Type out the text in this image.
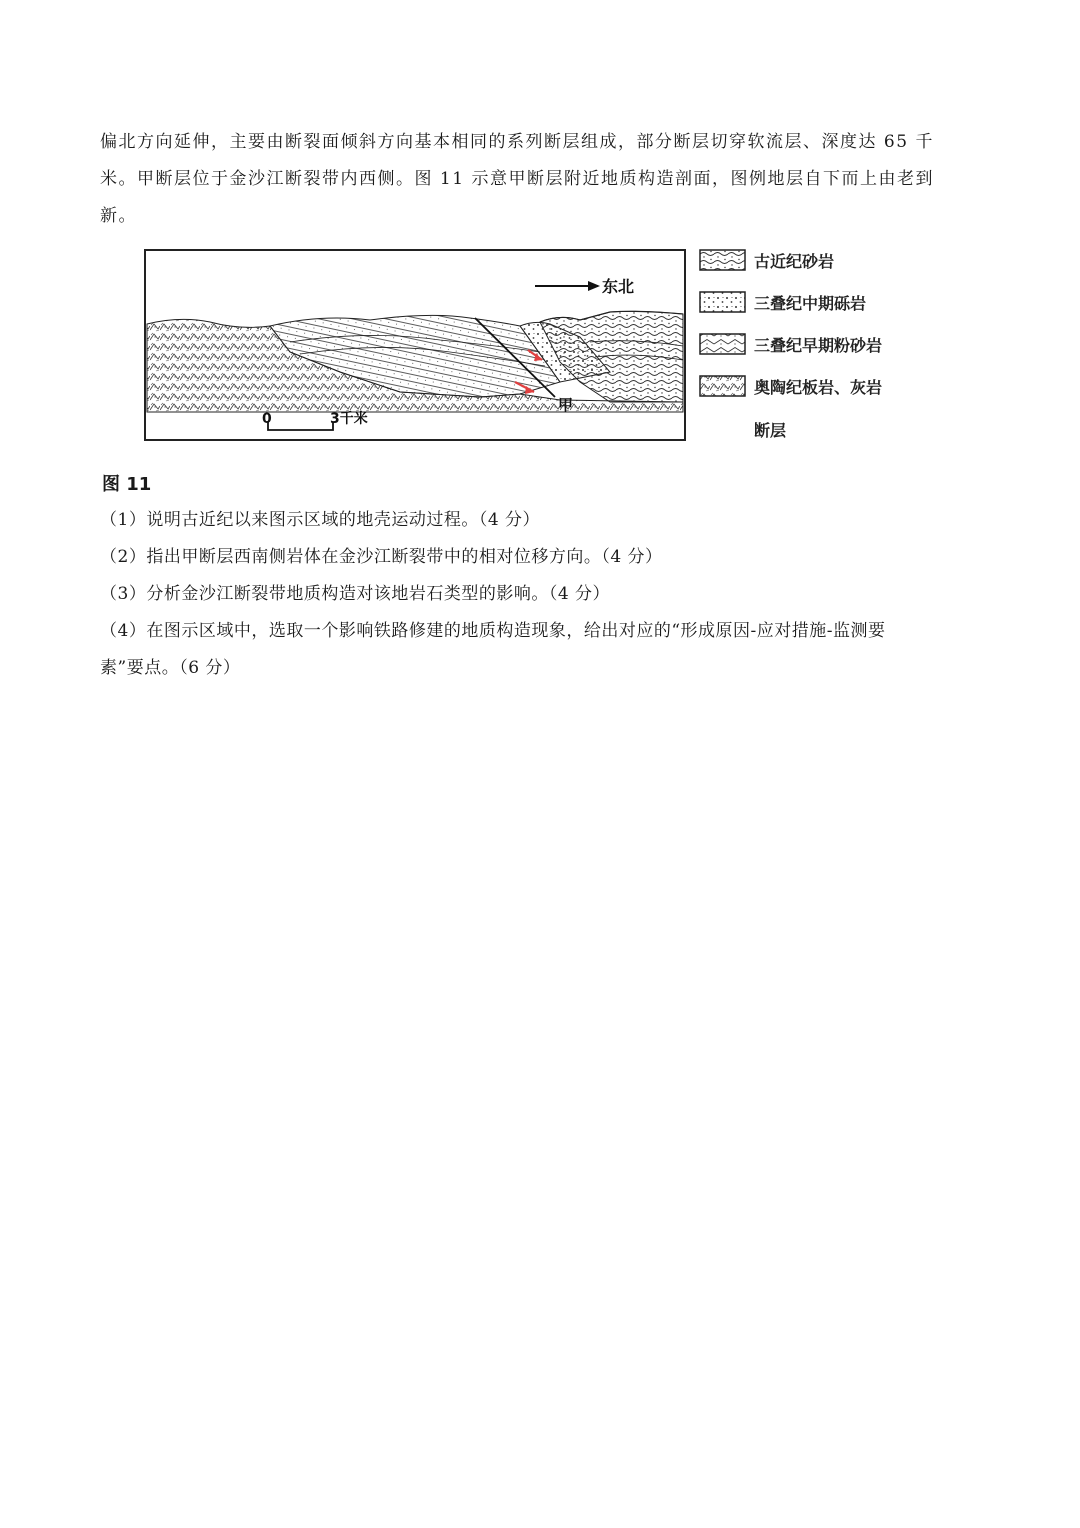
偏北方向延伸，主要由断裂面倾斜方向基本相同的系列断层组成，部分断层切穿软流层、深度达 65 千

米。甲断层位于金沙江断裂带内西侧。图 11 示意甲断层附近地质构造剖面，图例地层自下而上由老到

新。

甲
东北
0	3千米
古近纪砂岩
三叠纪中期砾岩
三叠纪早期粉砂岩
奥陶纪板岩、灰岩
断层
图 11

（1）说明古近纪以来图示区域的地壳运动过程。（4 分）

（2）指出甲断层西南侧岩体在金沙江断裂带中的相对位移方向。（4 分）

（3）分析金沙江断裂带地质构造对该地岩石类型的影响。（4 分）

（4）在图示区域中，选取一个影响铁路修建的地质构造现象，给出对应的“形成原因-应对措施-监测要

素”要点。（6 分）
